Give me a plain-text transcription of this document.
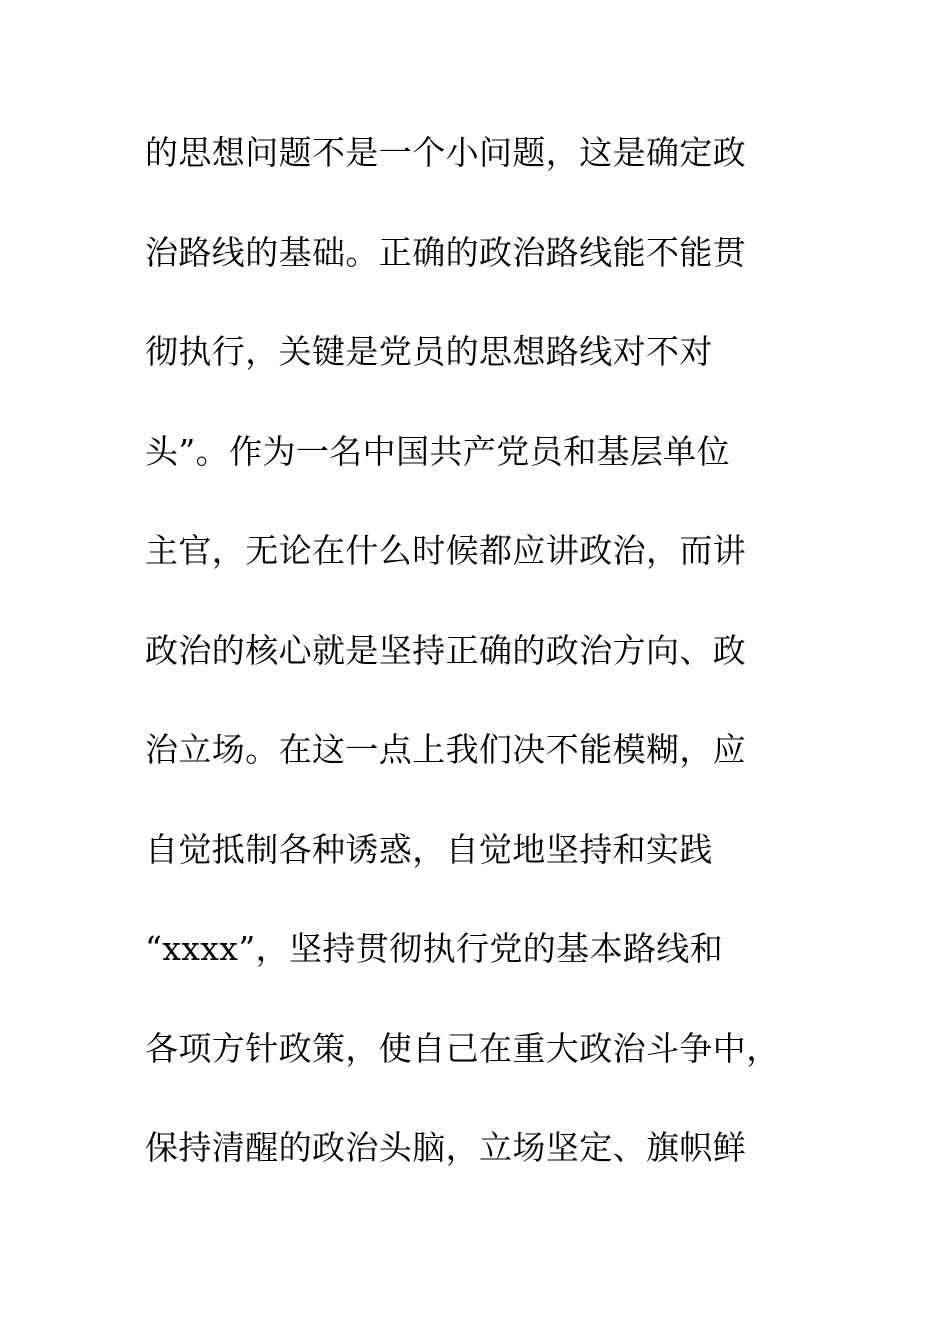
的思想问题不是一个小问题，这是确定政
治路线的基础。正确的政治路线能不能贯
彻执行，关键是党员的思想路线对不对
头”。作为一名中国共产党员和基层单位
主官，无论在什么时候都应讲政治，而讲
政治的核心就是坚持正确的政治方向、政
治立场。在这一点上我们决不能模糊，应
自觉抵制各种诱惑，自觉地坚持和实践
“xxxx”，坚持贯彻执行党的基本路线和
各项方针政策，使自己在重大政治斗争中，
保持清醒的政治头脑，立场坚定、旗帜鲜
